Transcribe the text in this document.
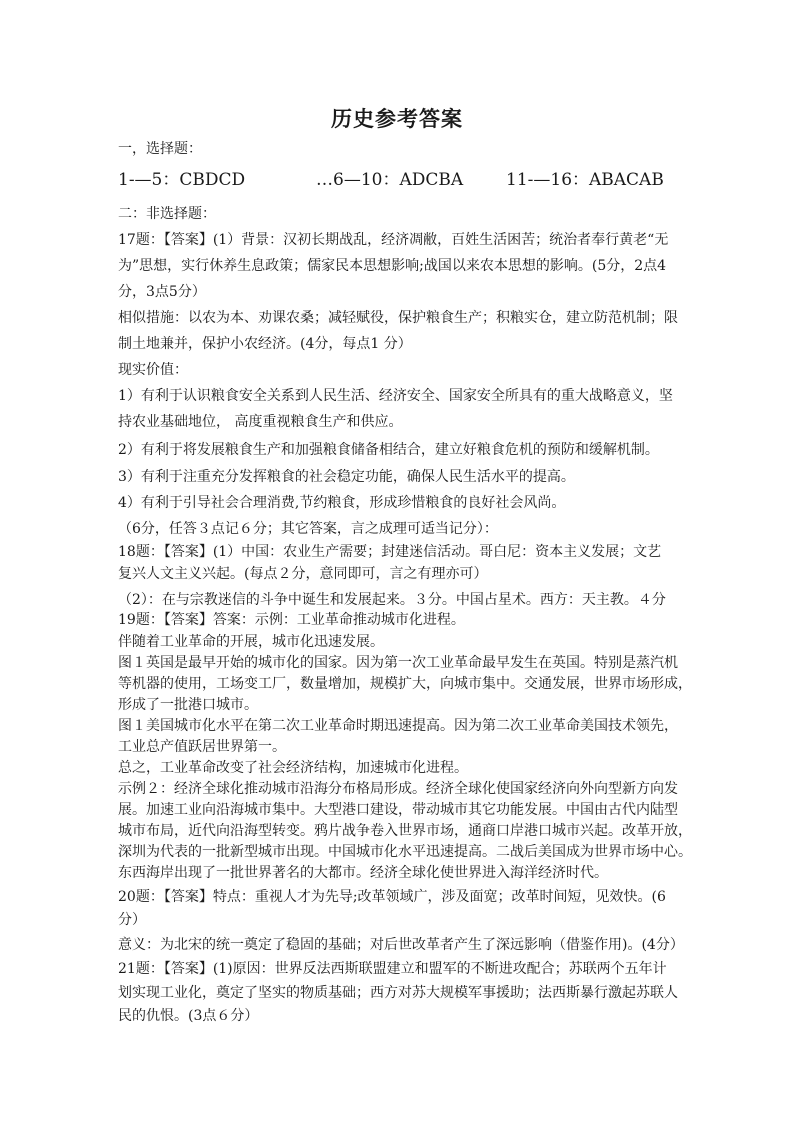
历史参考答案
一，选择题：
1-—5：CBDCD	…6—10：ADCBA	11-—16：ABACAB
二：非选择题：
17题：【答案】(1）背景：汉初长期战乱，经济凋敝，百姓生活困苦；统治者奉行黄老“无
为”思想，实行休养生息政策；儒家民本思想影响;战国以来农本思想的影响。(5分，2点4
分，3点5分）
相似措施：以农为本、劝课农桑；减轻赋役，保护粮食生产；积粮实仓，建立防范机制；限
制土地兼并，保护小农经济。(4分，每点1 分）
现实价值：
1）有利于认识粮食安全关系到人民生活、经济安全、国家安全所具有的重大战略意义，坚
持农业基础地位， 高度重视粮食生产和供应。
2）有利于将发展粮食生产和加强粮食储备相结合，建立好粮食危机的预防和缓解机制。
3）有利于注重充分发挥粮食的社会稳定功能，确保人民生活水平的提高。
4）有利于引导社会合理消费,节约粮食，形成珍惜粮食的良好社会风尚。
（6分，任答３点记６分；其它答案，言之成理可适当记分）：
18题：【答案】(1）中国：农业生产需要；封建迷信活动。哥白尼：资本主义发展；文艺
复兴人文主义兴起。(每点２分，意同即可，言之有理亦可）
（2）：在与宗教迷信的斗争中诞生和发展起来。３分。中国占星术。西方：天主教。４分
19题：【答案】答案：示例：工业革命推动城市化进程。
伴随着工业革命的开展，城市化迅速发展。
图１英国是最早开始的城市化的国家。因为第一次工业革命最早发生在英国。特别是蒸汽机
等机器的使用，工场变工厂，数量增加，规模扩大，向城市集中。交通发展，世界市场形成，
形成了一批港口城市。
图１美国城市化水平在第二次工业革命时期迅速提高。因为第二次工业革命美国技术领先，
工业总产值跃居世界第一。
总之，工业革命改变了社会经济结构，加速城市化进程。
示例２：经济全球化推动城市沿海分布格局形成。经济全球化使国家经济向外向型新方向发
展。加速工业向沿海城市集中。大型港口建设，带动城市其它功能发展。中国由古代内陆型
城市布局，近代向沿海型转变。鸦片战争卷入世界市场，通商口岸港口城市兴起。改革开放，
深圳为代表的一批新型城市出现。中国城市化水平迅速提高。二战后美国成为世界市场中心。
东西海岸出现了一批世界著名的大都市。经济全球化使世界进入海洋经济时代。
20题：【答案】特点：重视人才为先导;改革领域广，涉及面宽；改革时间短，见效快。(6
分）
意义：为北宋的统一奠定了稳固的基础；对后世改革者产生了深远影响（借鉴作用)。(4分）
21题：【答案】(1)原因：世界反法西斯联盟建立和盟军的不断进攻配合；苏联两个五年计
划实现工业化，奠定了坚实的物质基础；西方对苏大规模军事援助；法西斯暴行激起苏联人
民的仇恨。(3点６分）
